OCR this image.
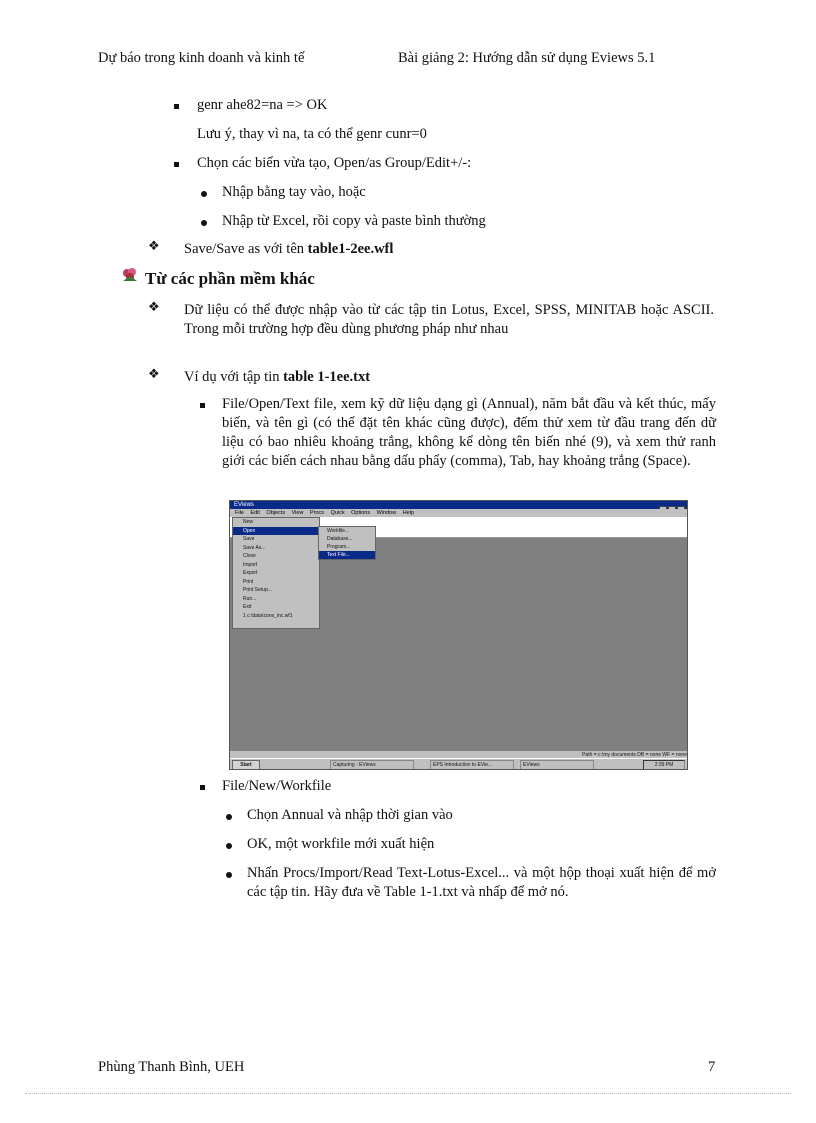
Dự báo trong kinh doanh và kinh tế	Bài giảng 2: Hướng dẫn sử dụng Eviews 5.1
genr ahe82=na => OK
Lưu ý, thay vì na, ta có thể genr cunr=0
Chọn các biến vừa tạo, Open/as Group/Edit+/-:
Nhập bằng tay vào, hoặc
Nhập từ Excel, rồi copy và paste bình thường
❖ Save/Save as với tên table1-2ee.wfl
Từ các phần mềm khác
❖ Dữ liệu có thể được nhập vào từ các tập tin Lotus, Excel, SPSS, MINITAB hoặc ASCII. Trong mỗi trường hợp đều dùng phương pháp như nhau
❖ Ví dụ với tập tin table 1-1ee.txt
File/Open/Text file, xem kỹ dữ liệu dạng gì (Annual), năm bắt đầu và kết thúc, mấy biến, và tên gì (có thể đặt tên khác cũng được), đếm thử xem từ đầu trang đến dữ liệu có bao nhiêu khoảng trắng, không kể dòng tên biến nhé (9), và xem thử ranh giới các biến cách nhau bằng dấu phẩy (comma), Tab, hay khoảng trắng (Space).
EViews
File Edit Objects View Procs Quick Options Window Help
New
Open
Save
Save As...
Close
Import
Export
Print
Print Setup...
Run...
Exit
1 c:\data\cons_inc.wf1
Workfile...
Database...
Program...
Text File...
Path = c:\my documents DB = none WF = none
Start	Capturing - EViews	EPS Introduction to EVie...	EViews	2:39 PM
File/New/Workfile
Chọn Annual và nhập thời gian vào
OK, một workfile mới xuất hiện
Nhấn Procs/Import/Read Text-Lotus-Excel... và một hộp thoại xuất hiện để mở các tập tin. Hãy đưa về Table 1-1.txt và nhấp để mở nó.
Phùng Thanh Bình, UEH	7
